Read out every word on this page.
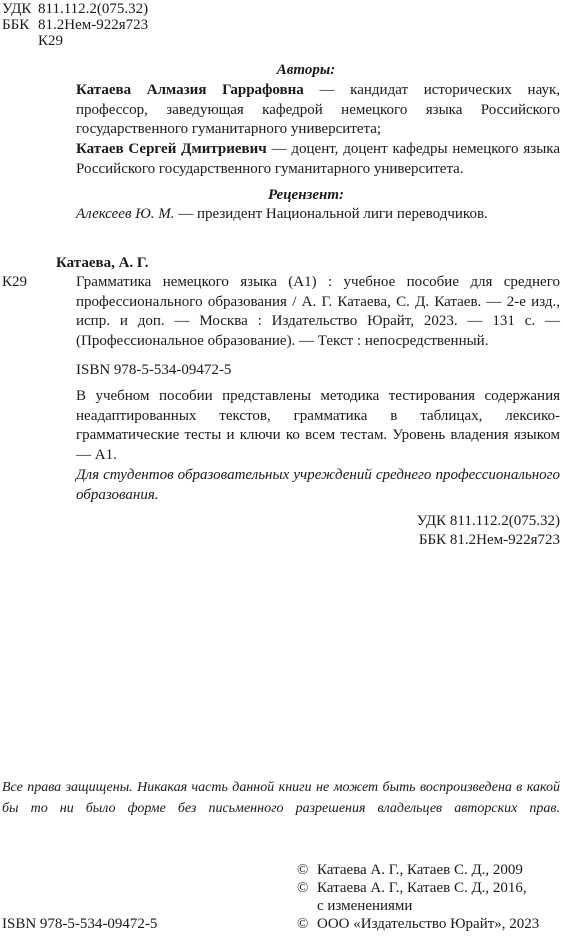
УДК 811.112.2(075.32)
ББК 81.2Нем-922я723
К29
Авторы:
Катаева Алмазия Гаррафовна — кандидат исторических наук, профессор, заведующая кафедрой немецкого языка Российского государственного гуманитарного университета;
Катаев Сергей Дмитриевич — доцент, доцент кафедры немецкого языка Российского государственного гуманитарного университета.
Рецензент:
Алексеев Ю. М. — президент Национальной лиги переводчиков.
Катаева, А. Г.
К29	Грамматика немецкого языка (А1) : учебное пособие для среднего профессионального образования / А. Г. Катаева, С. Д. Катаев. — 2-е изд., испр. и доп. — Москва : Издательство Юрайт, 2023. — 131 с. — (Профессиональное образование). — Текст : непосредственный.
ISBN 978-5-534-09472-5
В учебном пособии представлены методика тестирования содержания неадаптированных текстов, грамматика в таблицах, лексико-грамматические тесты и ключи ко всем тестам. Уровень владения языком — А1.
Для студентов образовательных учреждений среднего профессионального образования.
УДК 811.112.2(075.32)
ББК 81.2Нем-922я723
Все права защищены. Никакая часть данной книги не может быть воспроизведена в какой бы то ни было форме без письменного разрешения владельцев авторских прав.
© Катаева А. Г., Катаев С. Д., 2009
© Катаева А. Г., Катаев С. Д., 2016,
с изменениями
© ООО «Издательство Юрайт», 2023
ISBN 978-5-534-09472-5
